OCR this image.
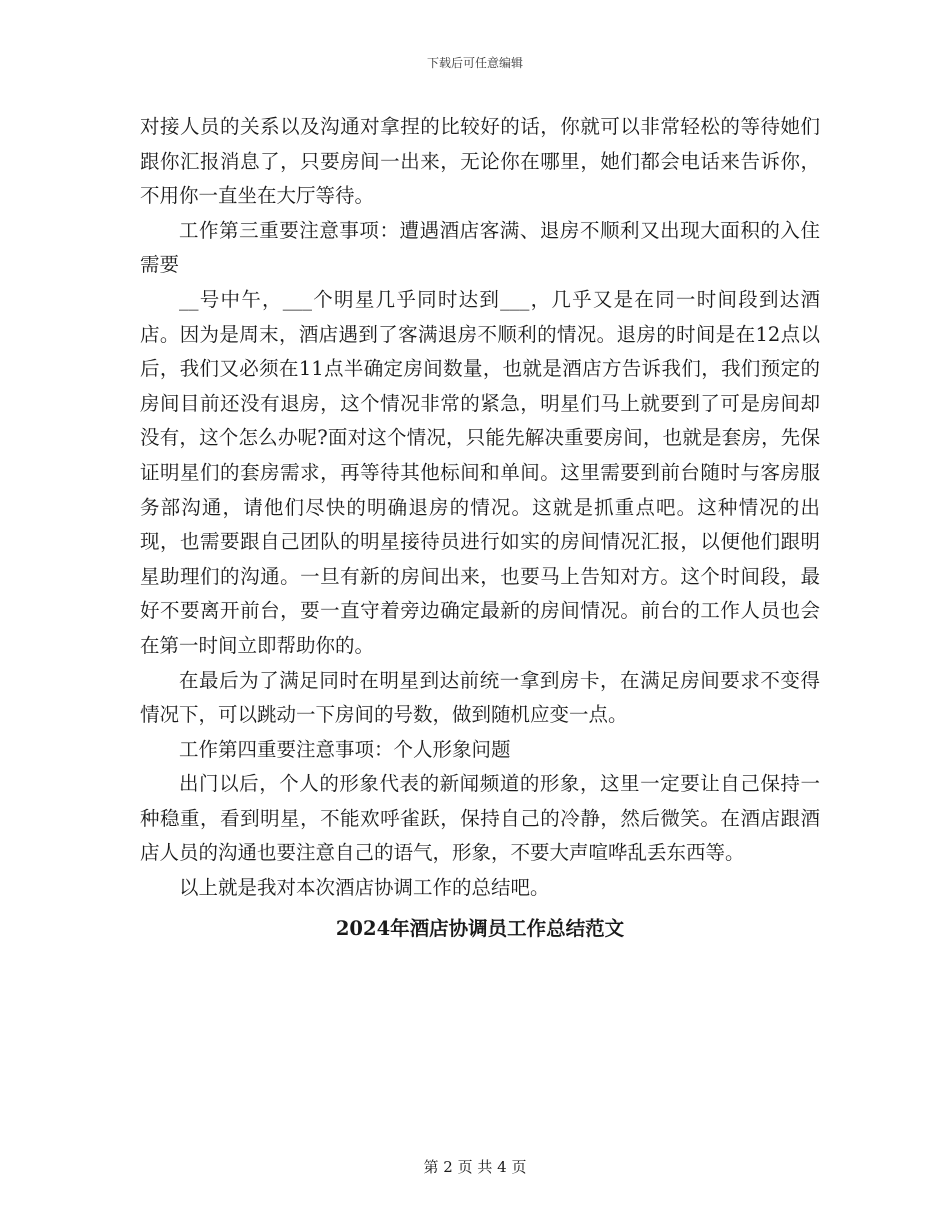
下载后可任意编辑

对接人员的关系以及沟通对拿捏的比较好的话，你就可以非常轻松的等待她们跟你汇报消息了，只要房间一出来，无论你在哪里，她们都会电话来告诉你，不用你一直坐在大厅等待。

工作第三重要注意事项：遭遇酒店客满、退房不顺利又出现大面积的入住需要

__号中午，___个明星几乎同时达到___，几乎又是在同一时间段到达酒店。因为是周末，酒店遇到了客满退房不顺利的情况。退房的时间是在12点以后，我们又必须在11点半确定房间数量，也就是酒店方告诉我们，我们预定的房间目前还没有退房，这个情况非常的紧急，明星们马上就要到了可是房间却没有，这个怎么办呢?面对这个情况，只能先解决重要房间，也就是套房，先保证明星们的套房需求，再等待其他标间和单间。这里需要到前台随时与客房服务部沟通，请他们尽快的明确退房的情况。这就是抓重点吧。这种情况的出现，也需要跟自己团队的明星接待员进行如实的房间情况汇报，以便他们跟明星助理们的沟通。一旦有新的房间出来，也要马上告知对方。这个时间段，最好不要离开前台，要一直守着旁边确定最新的房间情况。前台的工作人员也会在第一时间立即帮助你的。

在最后为了满足同时在明星到达前统一拿到房卡，在满足房间要求不变得情况下，可以跳动一下房间的号数，做到随机应变一点。

工作第四重要注意事项：个人形象问题

出门以后，个人的形象代表的新闻频道的形象，这里一定要让自己保持一种稳重，看到明星，不能欢呼雀跃，保持自己的冷静，然后微笑。在酒店跟酒店人员的沟通也要注意自己的语气，形象，不要大声喧哗乱丢东西等。

以上就是我对本次酒店协调工作的总结吧。

2024年酒店协调员工作总结范文
第 2 页 共 4 页
